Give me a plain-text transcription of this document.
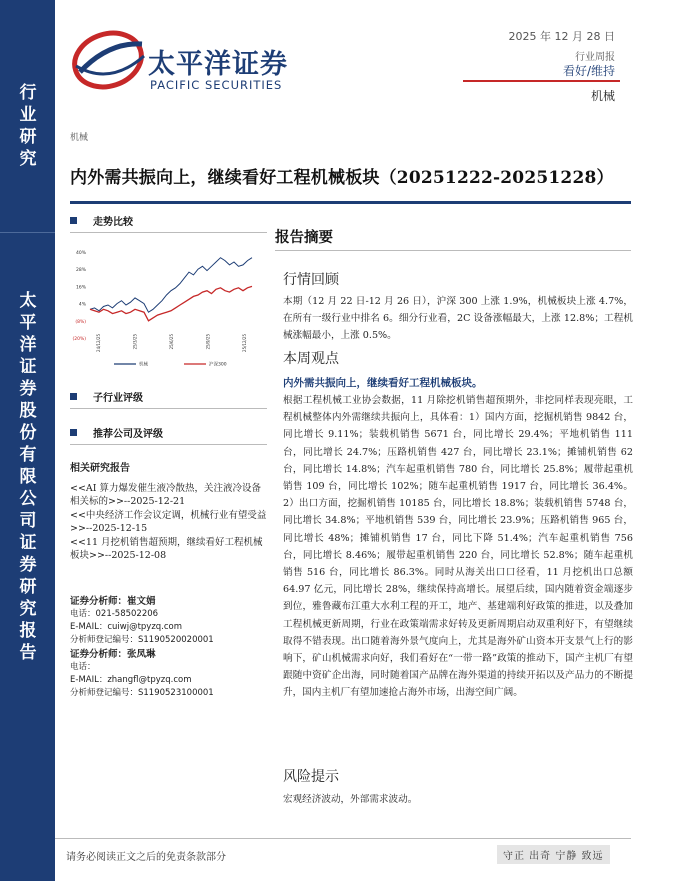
行业研究
太平洋证券股份有限公司证券研究报告
太平洋证券
PACIFIC SECURITIES
2025 年 12 月 28 日
行业周报
看好/维持
机械
机械
内外需共振向上，继续看好工程机械板块（20251222-20251228）
走势比较
40%
28%
16%
4%
(8%)
(20%)	24/12/25	25/3/25	25/6/25	25/9/25	25/12/25
机械	沪深300
子行业评级
推荐公司及评级
相关研究报告
<<AI 算力爆发催生液冷散热，关注液冷设备相关标的>>--2025-12-21
<<中央经济工作会议定调，机械行业有望受益>>--2025-12-15
<<11 月挖机销售超预期，继续看好工程机械板块>>--2025-12-08
证券分析师：崔文娟
电话：021-58502206
E-MAIL：cuiwj@tpyzq.com
分析师登记编号：S1190520020001
证券分析师：张凤琳
电话：
E-MAIL：zhangfl@tpyzq.com
分析师登记编号：S1190523100001
报告摘要
行情回顾
本期（12 月 22 日-12 月 26 日），沪深 300 上涨 1.9%，机械板块上涨 4.7%，在所有一级行业中排名 6。细分行业看，2C 设备涨幅最大，上涨 12.8%；工程机械涨幅最小，上涨 0.5%。
本周观点
内外需共振向上，继续看好工程机械板块。
根据工程机械工业协会数据，11 月除挖机销售超预期外，非挖同样表现亮眼，工程机械整体内外需继续共振向上，具体看：1）国内方面，挖掘机销售 9842 台，同比增长 9.11%；装载机销售 5671 台，同比增长 29.4%；平地机销售 111 台，同比增长 24.7%；压路机销售 427 台，同比增长 23.1%；摊铺机销售 62 台，同比增长 14.8%；汽车起重机销售 780 台，同比增长 25.8%；履带起重机销售 109 台，同比增长 102%；随车起重机销售 1917 台，同比增长 36.4%。2）出口方面，挖掘机销售 10185 台，同比增长 18.8%；装载机销售 5748 台，同比增长 34.8%；平地机销售 539 台，同比增长 23.9%；压路机销售 965 台，同比增长 48%；摊铺机销售 17 台，同比下降 51.4%；汽车起重机销售 756 台，同比增长 8.46%；履带起重机销售 220 台，同比增长 52.8%；随车起重机销售 516 台，同比增长 86.3%。同时从海关出口口径看，11 月挖机出口总额 64.97 亿元，同比增长 28%，继续保持高增长。展望后续，国内随着资金端逐步到位，雅鲁藏布江重大水利工程的开工，地产、基建端利好政策的推进，以及叠加工程机械更新周期，行业在政策端需求好转及更新周期启动双重利好下，有望继续取得不错表现。出口随着海外景气度向上，尤其是海外矿山资本开支景气上行的影响下，矿山机械需求向好，我们看好在“一带一路”政策的推动下，国产主机厂有望跟随中资矿企出海，同时随着国产品牌在海外渠道的持续开拓以及产品力的不断提升，国内主机厂有望加速抢占海外市场，出海空间广阔。
风险提示
宏观经济波动，外部需求波动。
请务必阅读正文之后的免责条款部分	守正 出奇 宁静 致远
